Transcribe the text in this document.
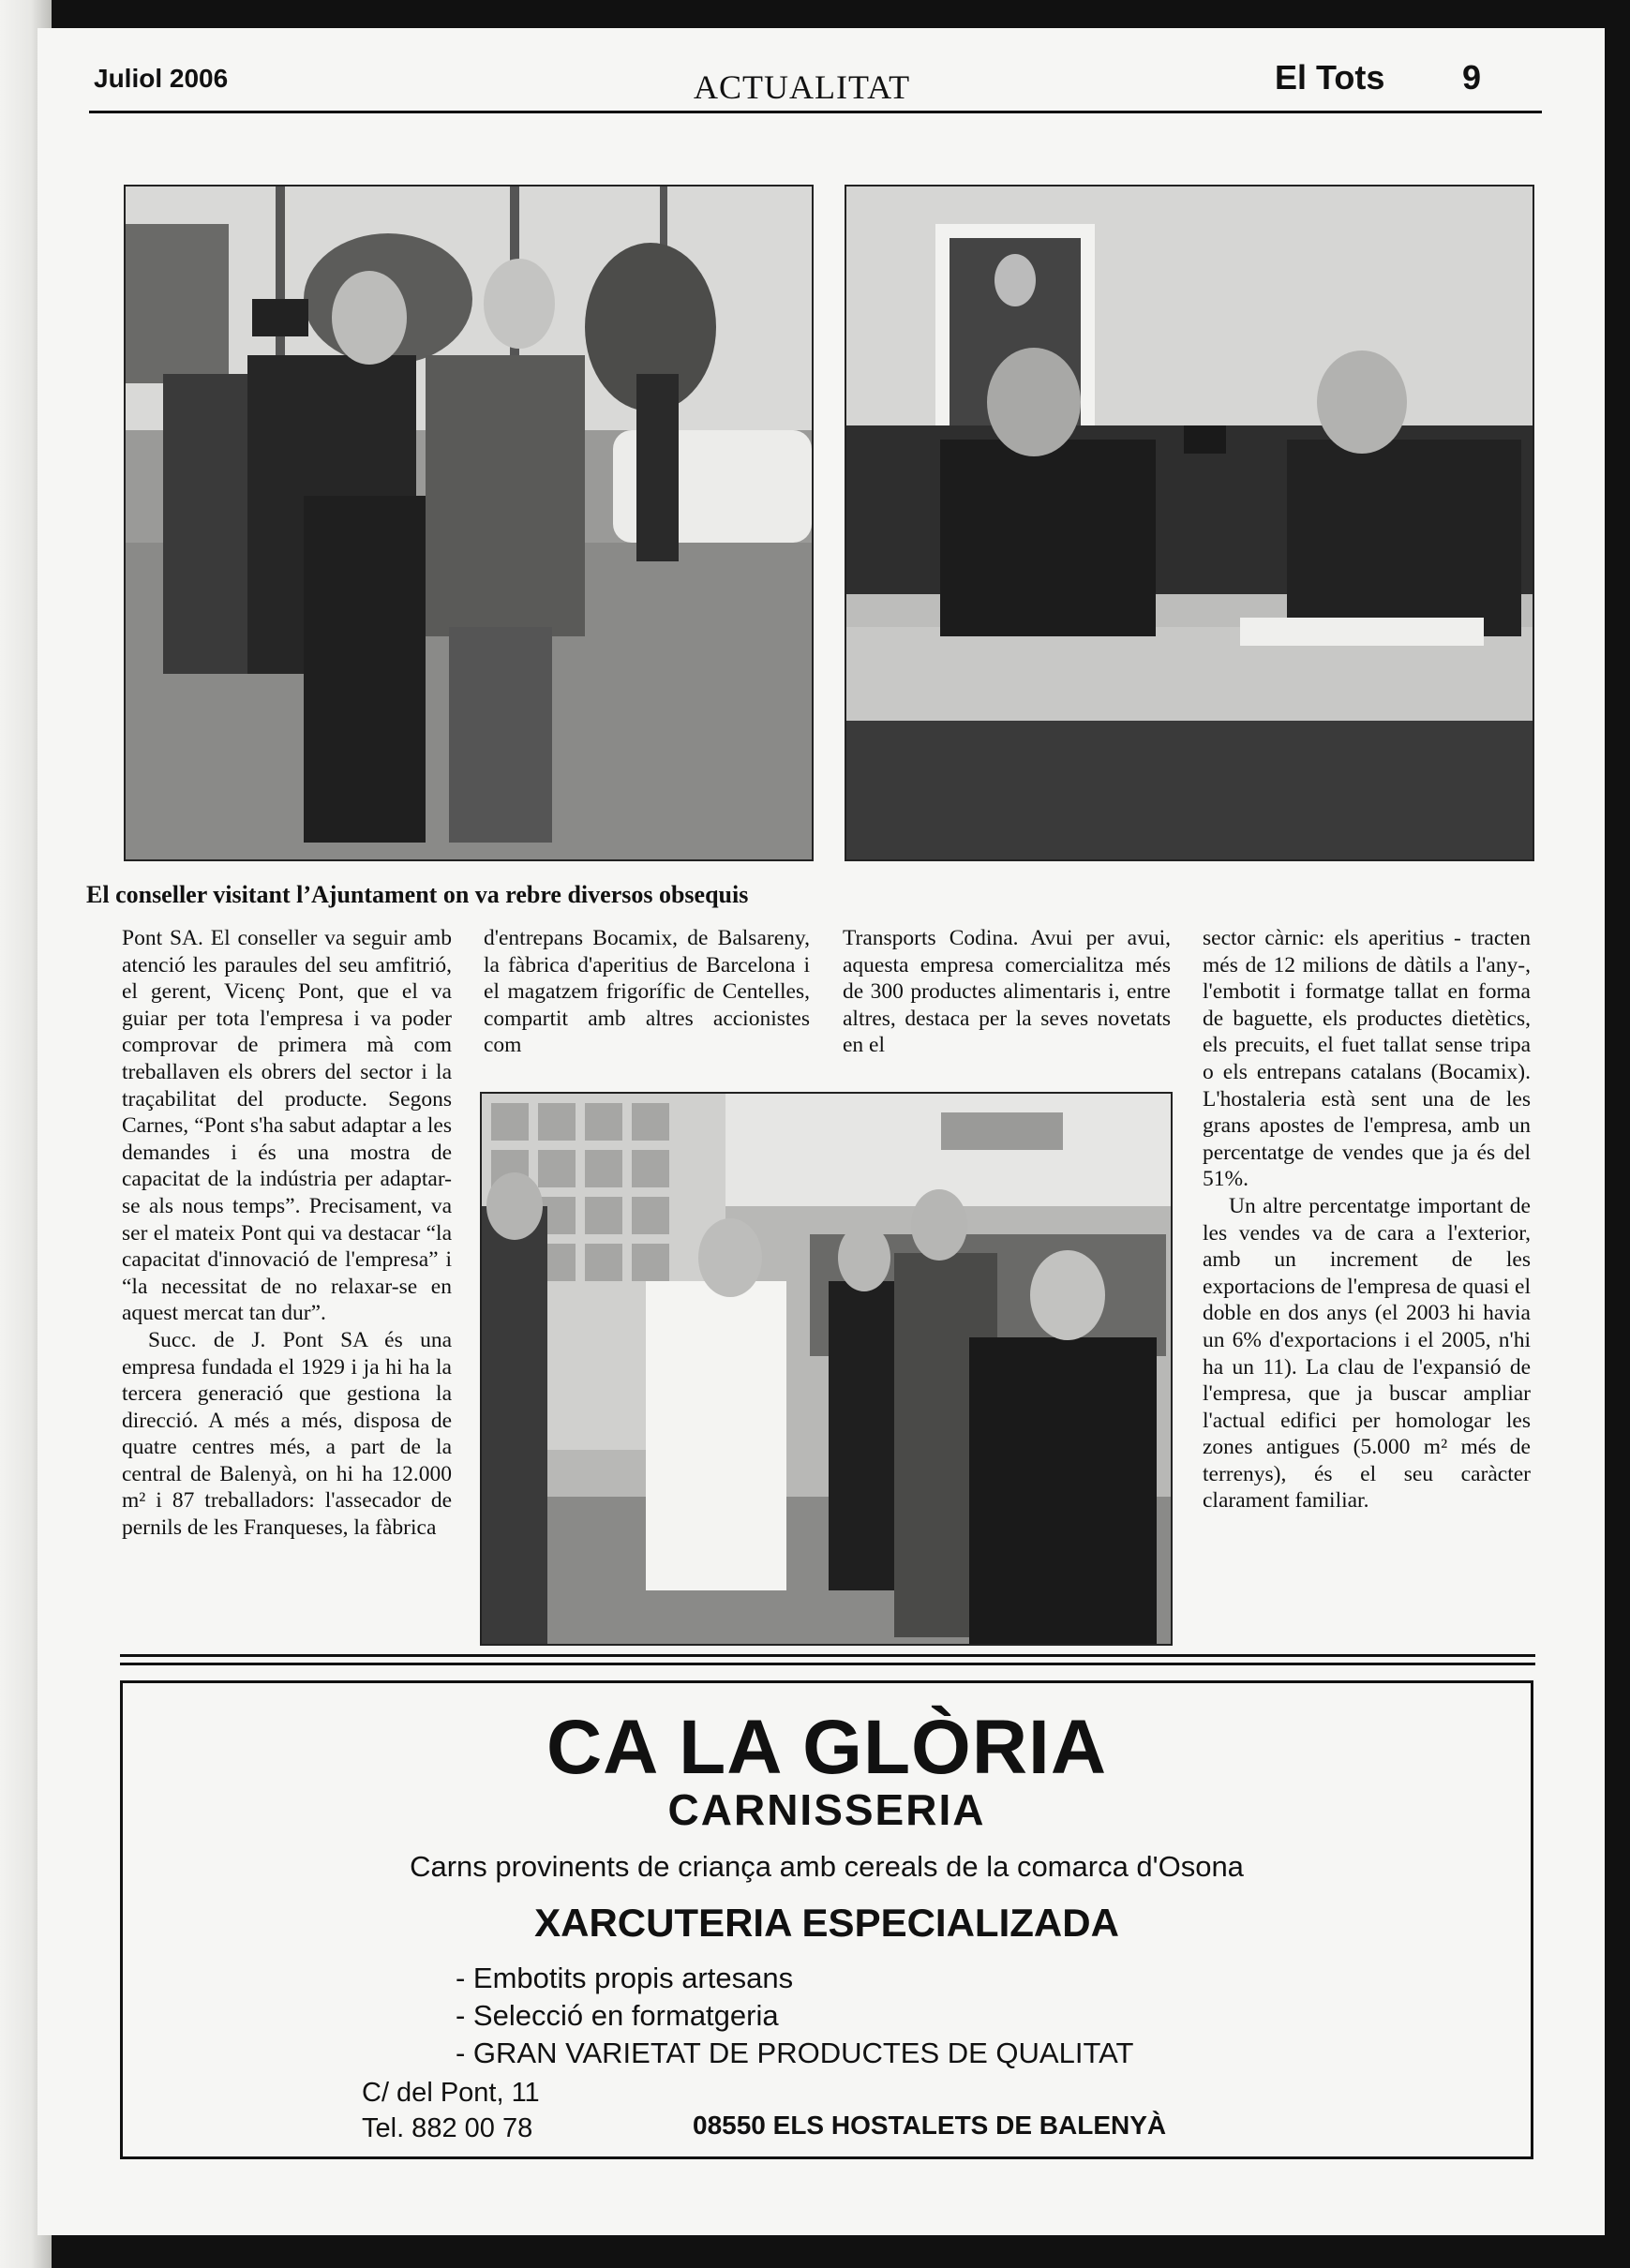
Juliol 2006	ACTUALITAT	El Tots 9
El conseller visitant l’Ajuntament on va rebre diversos obsequis

Pont SA. El conseller va seguir amb atenció les paraules del seu amfitrió, el gerent, Vicenç Pont, que el va guiar per tota l'empresa i va poder comprovar de primera mà com treballaven els obrers del sector i la traçabilitat del producte. Segons Carnes, “Pont s'ha sabut adaptar a les demandes i és una mostra de capacitat de la indústria per adaptar-se als nous temps”. Precisament, va ser el mateix Pont qui va destacar “la capacitat d'innovació de l'empresa” i “la necessitat de no relaxar-se en aquest mercat tan dur”.

Succ. de J. Pont SA és una empresa fundada el 1929 i ja hi ha la tercera generació que gestiona la direcció. A més a més, disposa de quatre centres més, a part de la central de Balenyà, on hi ha 12.000 m² i 87 treballadors: l'assecador de pernils de les Franqueses, la fàbrica

d'entrepans Bocamix, de Balsareny, la fàbrica d'aperitius de Barcelona i el magatzem frigorífic de Centelles, compartit amb altres accionistes com

Transports Codina. Avui per avui, aquesta empresa comercialitza més de 300 productes alimentaris i, entre altres, destaca per la seves novetats en el

sector càrnic: els aperitius - tracten més de 12 milions de dàtils a l'any-, l'embotit i formatge tallat en forma de baguette, els productes dietètics, els precuits, el fuet tallat sense tripa o els entrepans catalans (Bocamix). L'hostaleria està sent una de les grans apostes de l'empresa, amb un percentatge de vendes que ja és del 51%.

Un altre percentatge important de les vendes va de cara a l'exterior, amb un increment de les exportacions de l'empresa de quasi el doble en dos anys (el 2003 hi havia un 6% d'exportacions i el 2005, n'hi ha un 11). La clau de l'expansió de l'empresa, que ja buscar ampliar l'actual edifici per homologar les zones antigues (5.000 m² més de terrenys), és el seu caràcter clarament familiar.

CA LA GLÒRIA
CARNISSERIA
Carns provinents de criança amb cereals de la comarca d'Osona
XARCUTERIA ESPECIALIZADA
- Embotits propis artesans
- Selecció en formatgeria
- GRAN VARIETAT DE PRODUCTES DE QUALITAT
C/ del Pont, 11
Tel. 882 00 78	08550 ELS HOSTALETS DE BALENYÀ
